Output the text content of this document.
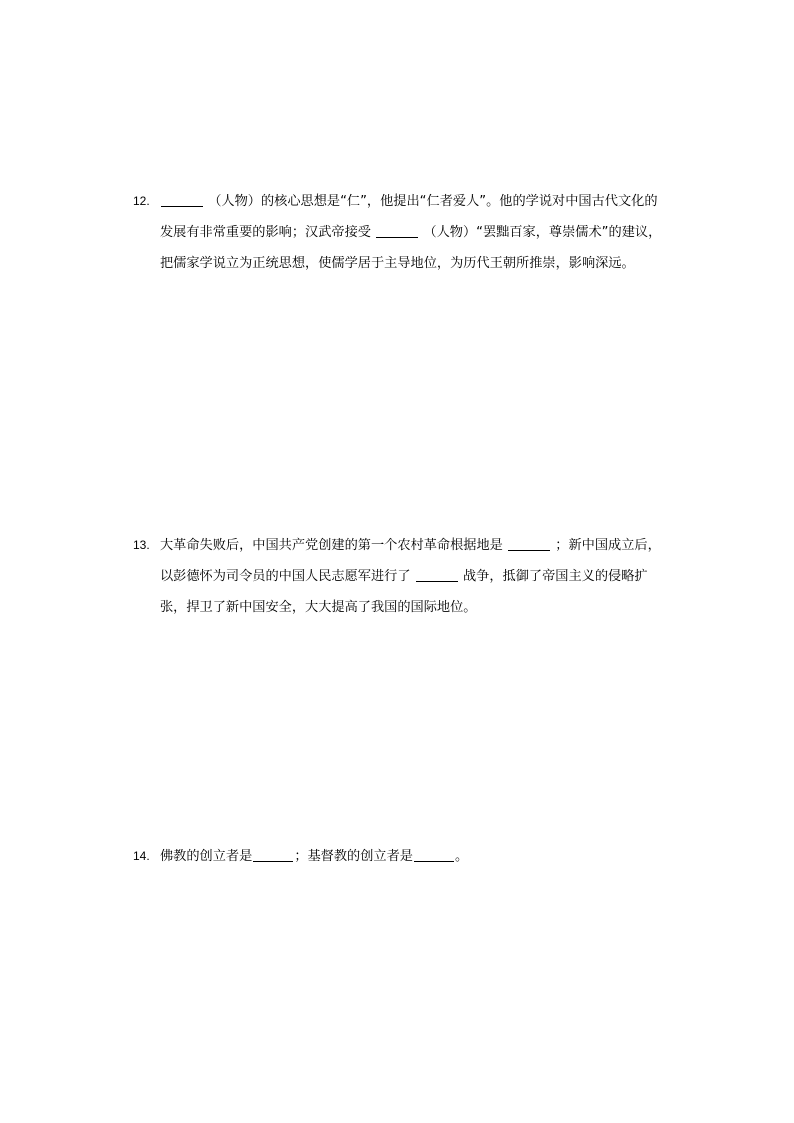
12.	（人物）的核心思想是“仁”，他提出“仁者爱人”。他的学说对中国古代文化的发展有非常重要的影响；汉武帝接受	（人物）“罢黜百家，尊崇儒术”的建议，把儒家学说立为正统思想，使儒学居于主导地位，为历代王朝所推崇，影响深远。
13. 大革命失败后，中国共产党创建的第一个农村革命根据地是	；新中国成立后，以彭德怀为司令员的中国人民志愿军进行了	战争，抵御了帝国主义的侵略扩张，捍卫了新中国安全，大大提高了我国的国际地位。
14. 佛教的创立者是	；基督教的创立者是	。
